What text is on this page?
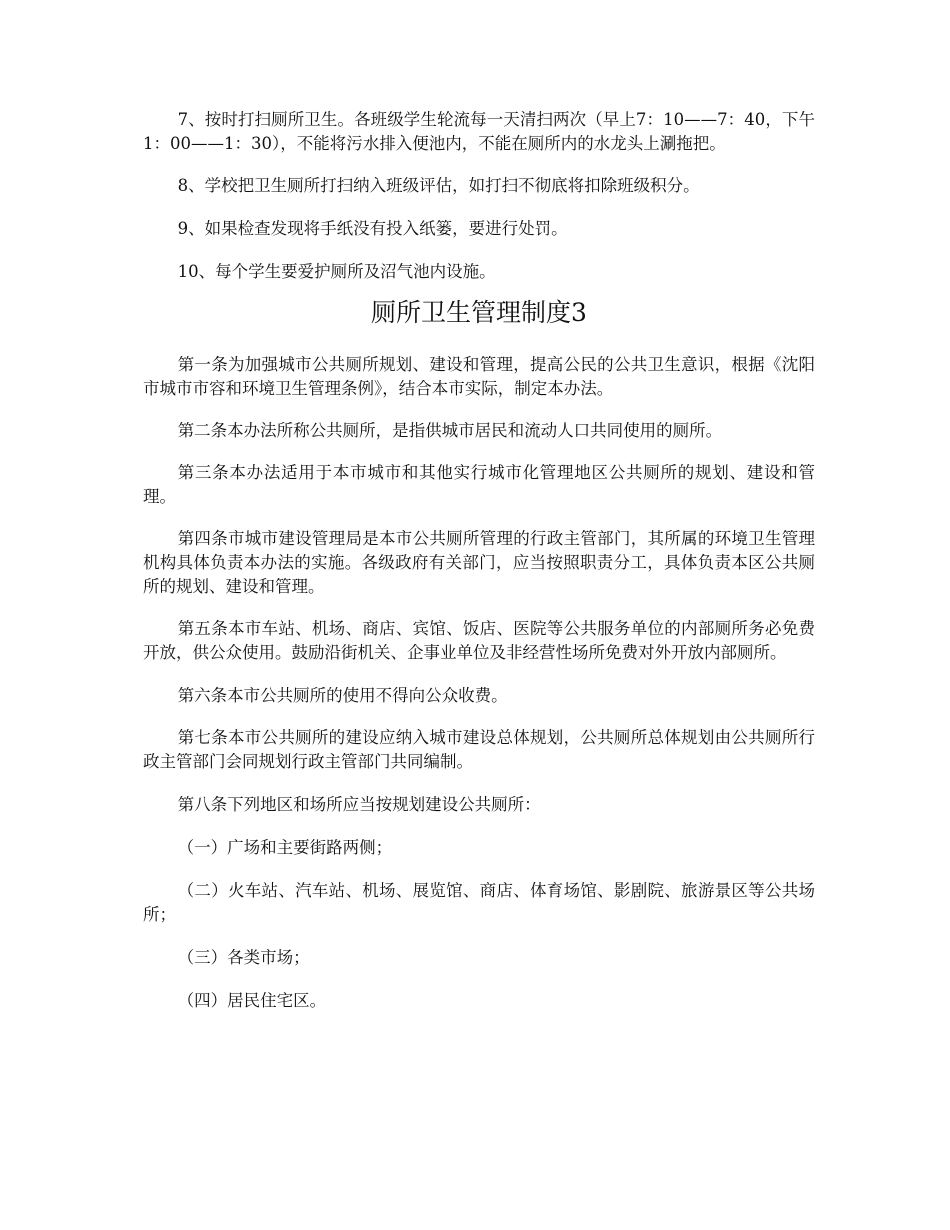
7、按时打扫厕所卫生。各班级学生轮流每一天清扫两次（早上7：10——7：40，下午1：00——1：30），不能将污水排入便池内，不能在厕所内的水龙头上涮拖把。

8、学校把卫生厕所打扫纳入班级评估，如打扫不彻底将扣除班级积分。

9、如果检查发现将手纸没有投入纸篓，要进行处罚。

10、每个学生要爱护厕所及沼气池内设施。

厕所卫生管理制度3

第一条为加强城市公共厕所规划、建设和管理，提高公民的公共卫生意识，根据《沈阳市城市市容和环境卫生管理条例》，结合本市实际，制定本办法。

第二条本办法所称公共厕所，是指供城市居民和流动人口共同使用的厕所。

第三条本办法适用于本市城市和其他实行城市化管理地区公共厕所的规划、建设和管理。

第四条市城市建设管理局是本市公共厕所管理的行政主管部门，其所属的环境卫生管理机构具体负责本办法的实施。各级政府有关部门，应当按照职责分工，具体负责本区公共厕所的规划、建设和管理。

第五条本市车站、机场、商店、宾馆、饭店、医院等公共服务单位的内部厕所务必免费开放，供公众使用。鼓励沿街机关、企事业单位及非经营性场所免费对外开放内部厕所。

第六条本市公共厕所的使用不得向公众收费。

第七条本市公共厕所的建设应纳入城市建设总体规划，公共厕所总体规划由公共厕所行政主管部门会同规划行政主管部门共同编制。

第八条下列地区和场所应当按规划建设公共厕所：

（一）广场和主要街路两侧；

（二）火车站、汽车站、机场、展览馆、商店、体育场馆、影剧院、旅游景区等公共场所；

（三）各类市场；

（四）居民住宅区。
